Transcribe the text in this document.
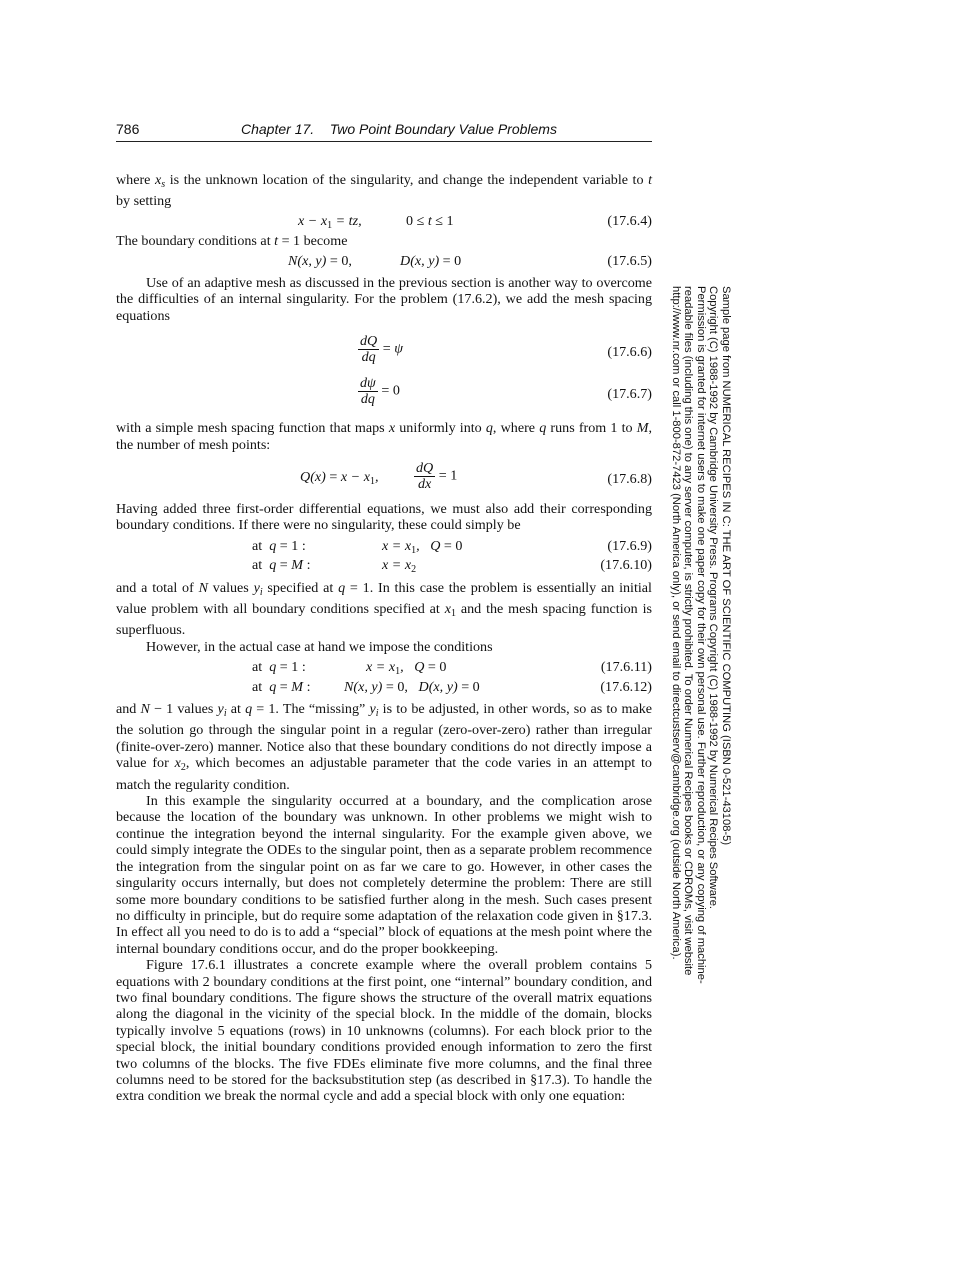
786	Chapter 17.    Two Point Boundary Value Problems

where $x_s$ is the unknown location of the singularity, and change the independent variable to t by setting

$x - x_1$ = tz,	0 ≤ t ≤ 1	(17.6.4)

The boundary conditions at t = 1 become

N(x, y) = 0,	D(x, y) = 0	(17.6.5)

Use of an adaptive mesh as discussed in the previous section is another way to overcome the difficulties of an internal singularity. For the problem (17.6.2), we add the mesh spacing equations

$\frac{dQ}{dq} = \psi$	(17.6.6)
$\frac{d\psi}{dq} = 0$	(17.6.7)

with a simple mesh spacing function that maps x uniformly into q, where q runs from 1 to M, the number of mesh points:

$Q(x) = x - x_1$,	$\frac{dQ}{dx} = 1$	(17.6.8)

Having added three first-order differential equations, we must also add their corresponding boundary conditions. If there were no singularity, these could simply be

at q = 1 :	$x = x_1$,   Q = 0	(17.6.9)
at q = M :	$x = x_2$	(17.6.10)

and a total of N values $y_i$ specified at q = 1. In this case the problem is essentially an initial value problem with all boundary conditions specified at $x_1$ and the mesh spacing function is superfluous.

However, in the actual case at hand we impose the conditions

at q = 1 :	$x = x_1$,   Q = 0	(17.6.11)
at q = M : N(x, y) = 0, D(x, y) = 0	(17.6.12)

and N − 1 values $y_i$ at q = 1. The “missing” $y_i$ is to be adjusted, in other words, so as to make the solution go through the singular point in a regular (zero-over-zero) rather than irregular (finite-over-zero) manner. Notice also that these boundary conditions do not directly impose a value for $x_2$, which becomes an adjustable parameter that the code varies in an attempt to match the regularity condition.

In this example the singularity occurred at a boundary, and the complication arose because the location of the boundary was unknown. In other problems we might wish to continue the integration beyond the internal singularity. For the example given above, we could simply integrate the ODEs to the singular point, then as a separate problem recommence the integration from the singular point on as far we care to go. However, in other cases the singularity occurs internally, but does not completely determine the problem: There are still some more boundary conditions to be satisfied further along in the mesh. Such cases present no difficulty in principle, but do require some adaptation of the relaxation code given in §17.3. In effect all you need to do is to add a “special” block of equations at the mesh point where the internal boundary conditions occur, and do the proper bookkeeping.

Figure 17.6.1 illustrates a concrete example where the overall problem contains 5 equations with 2 boundary conditions at the first point, one “internal” boundary condition, and two final boundary conditions. The figure shows the structure of the overall matrix equations along the diagonal in the vicinity of the special block. In the middle of the domain, blocks typically involve 5 equations (rows) in 10 unknowns (columns). For each block prior to the special block, the initial boundary conditions provided enough information to zero the first two columns of the blocks. The five FDEs eliminate five more columns, and the final three columns need to be stored for the backsubstitution step (as described in §17.3). To handle the extra condition we break the normal cycle and add a special block with only one equation:

Sample page from NUMERICAL RECIPES IN C: THE ART OF SCIENTIFIC COMPUTING (ISBN 0-521-43108-5)
Copyright (C) 1988-1992 by Cambridge University Press. Programs Copyright (C) 1988-1992 by Numerical Recipes Software.
Permission is granted for internet users to make one paper copy for their own personal use. Further reproduction, or any copying of machine-
readable files (including this one) to any server computer, is strictly prohibited. To order Numerical Recipes books or CDROMs, visit website
http://www.nr.com or call 1-800-872-7423 (North America only), or send email to directcustserv@cambridge.org (outside North America).
